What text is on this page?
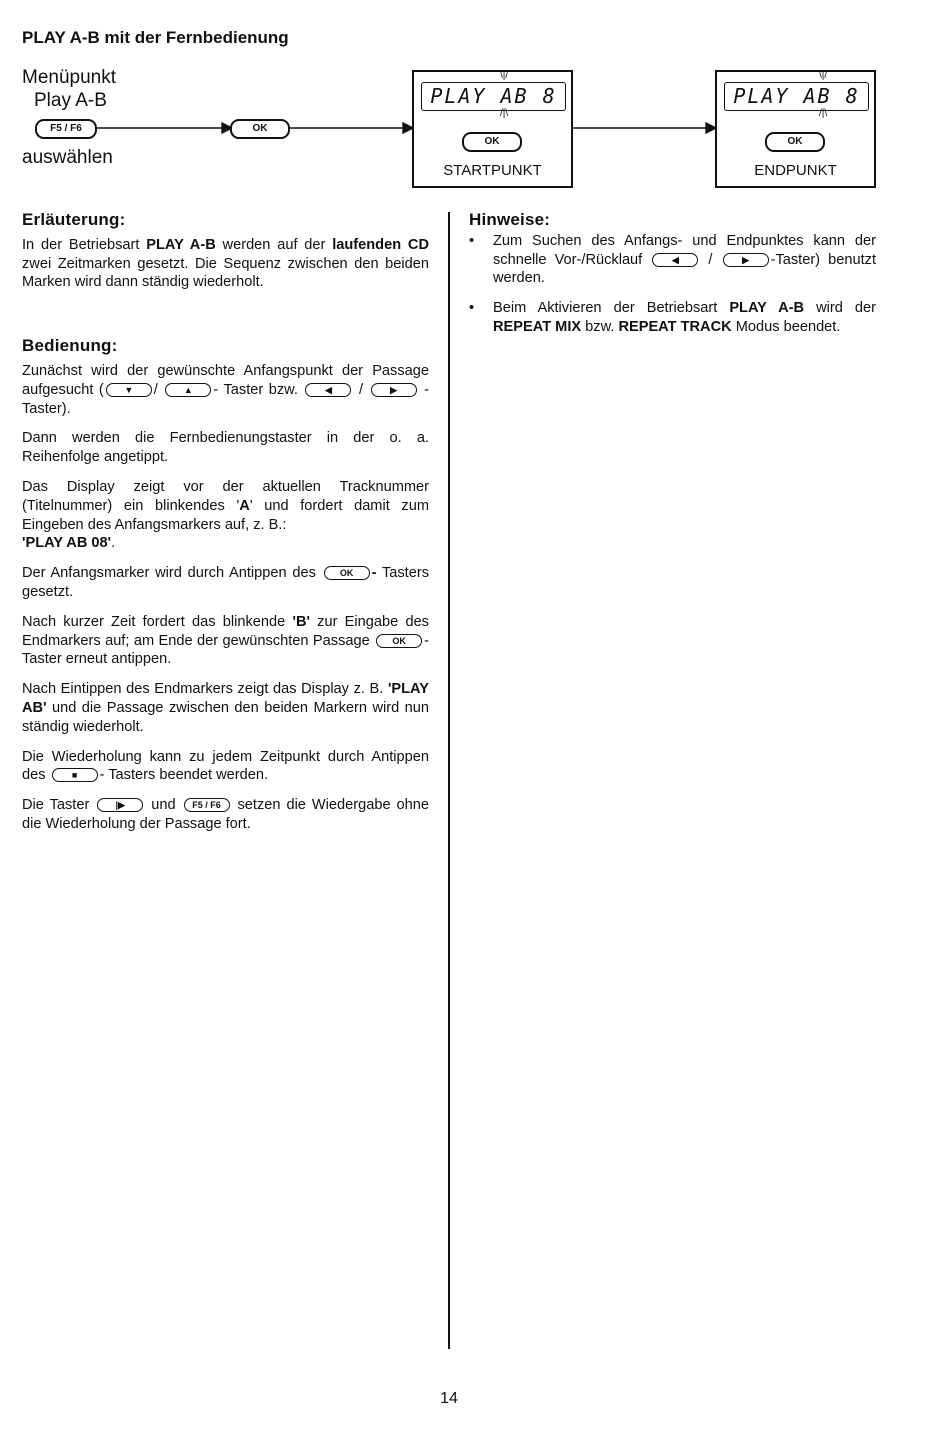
PLAY A-B mit der Fernbedienung
Menüpunkt
Play A-B
auswählen
F5 / F6	OK
\|/
PLAY AB 8
/|\
OK
STARTPUNKT
\|/
PLAY AB 8
/|\
OK
ENDPUNKT
Erläuterung:

In der Betriebsart PLAY A-B werden auf der laufenden CD zwei Zeitmarken gesetzt. Die Sequenz zwischen den beiden Marken wird dann ständig wiederholt.

Bedienung:

Zunächst wird der gewünschte Anfangspunkt der Passage aufgesucht ( ▼ /	▲ - Taster bzw.	◀ /	▶ -Taster).

Dann werden die Fernbedienungstaster in der o. a. Reihenfolge angetippt.

Das Display zeigt vor der aktuellen Tracknummer (Titelnummer) ein blinkendes 'A' und fordert damit zum Eingeben des Anfangsmarkers auf, z. B.:
'PLAY AB 08'.

Der Anfangsmarker wird durch Antippen des OK - Tasters gesetzt.

Nach kurzer Zeit fordert das blinkende 'B' zur Eingabe des Endmarkers auf; am Ende der gewünschten Passage OK - Taster erneut antippen.

Nach Eintippen des Endmarkers zeigt das Display z. B. 'PLAY AB' und die Passage zwischen den beiden Markern wird nun ständig wiederholt.

Die Wiederholung kann zu jedem Zeitpunkt durch Antippen des ■ - Tasters beendet werden.

Die Taster |▶ und F5 / F6 setzen die Wiedergabe ohne die Wiederholung der Passage fort.

Hinweise:
• Zum Suchen des Anfangs- und Endpunktes kann der schnelle Vor-/Rücklauf ◀ /	▶ -Taster) benutzt werden.
• Beim Aktivieren der Betriebsart PLAY A-B wird der REPEAT MIX bzw. REPEAT TRACK Modus beendet.
14
